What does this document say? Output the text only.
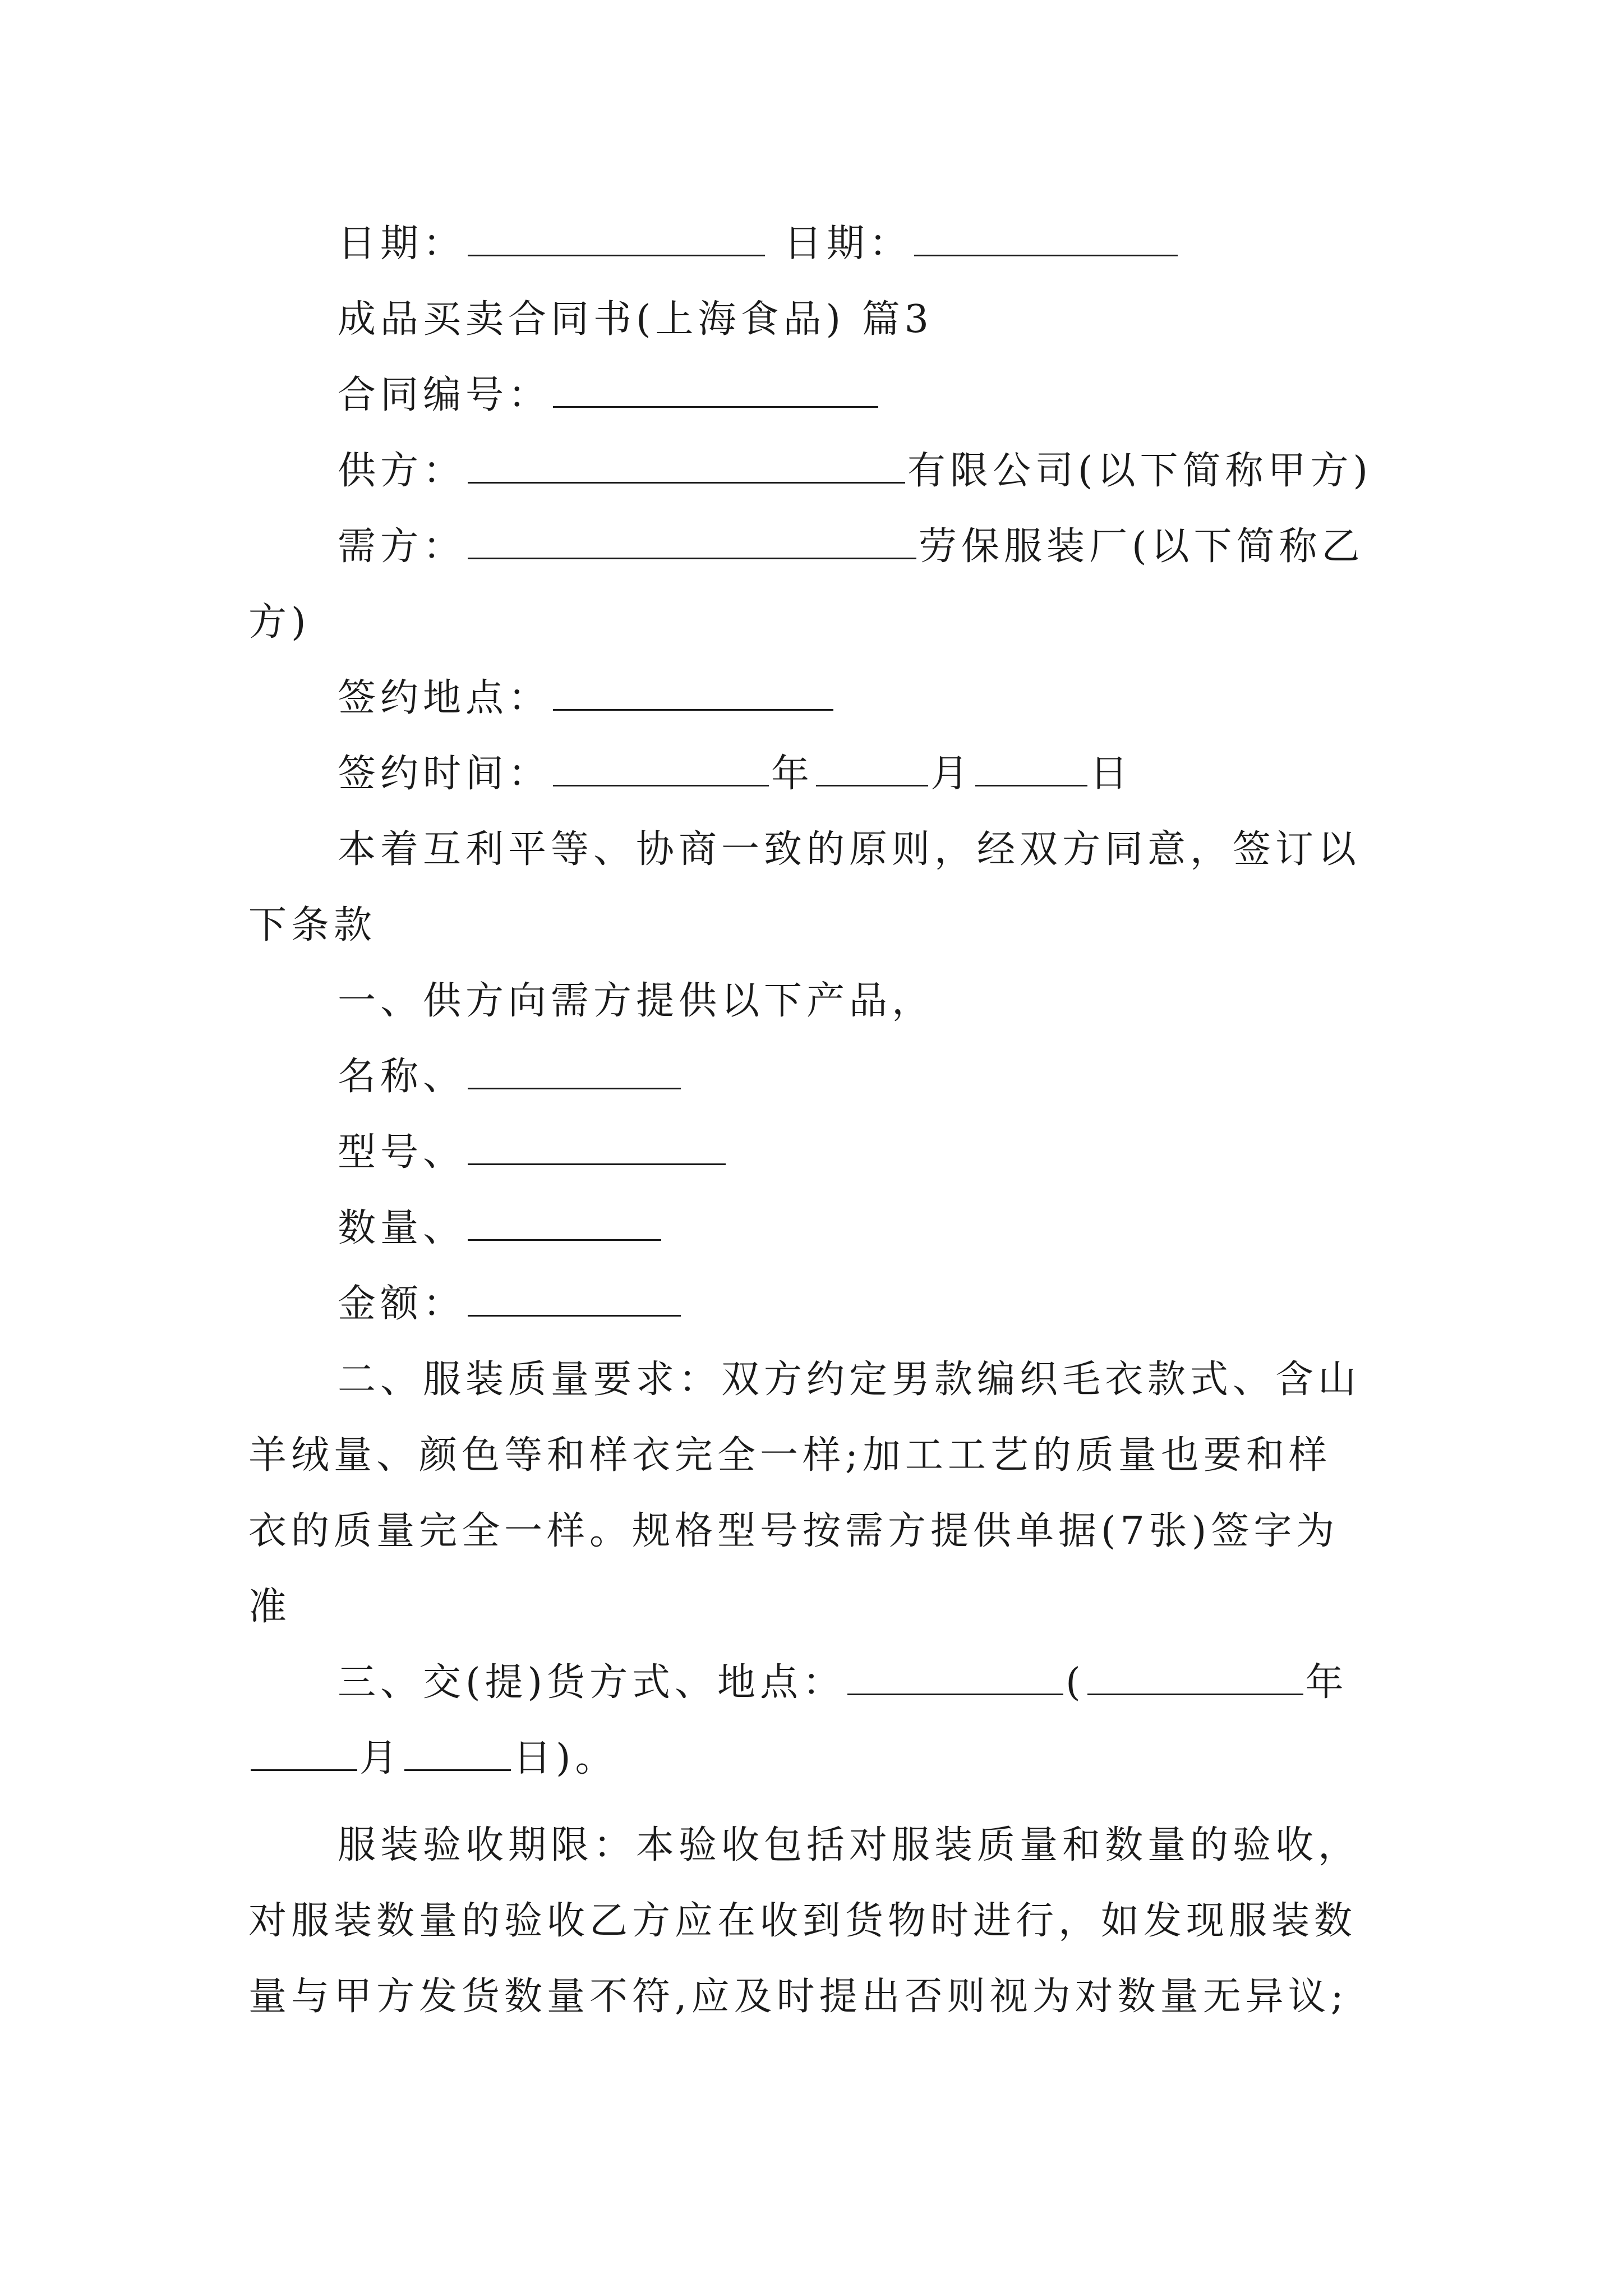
日期：	日期：
成品买卖合同书(上海食品) 篇3
合同编号：
供方：	有限公司(以下简称甲方)
需方：	劳保服装厂(以下简称乙
方)
签约地点：
签约时间：	年	月	日
本着互利平等、协商一致的原则，经双方同意，签订以
下条款
一、供方向需方提供以下产品，
名称、
型号、
数量、
金额：
二、服装质量要求：双方约定男款编织毛衣款式、含山
羊绒量、颜色等和样衣完全一样;加工工艺的质量也要和样
衣的质量完全一样。规格型号按需方提供单据(7张)签字为
准
三、交(提)货方式、地点：	(	年
月	日)。
服装验收期限：本验收包括对服装质量和数量的验收，
对服装数量的验收乙方应在收到货物时进行，如发现服装数
量与甲方发货数量不符,应及时提出否则视为对数量无异议;
